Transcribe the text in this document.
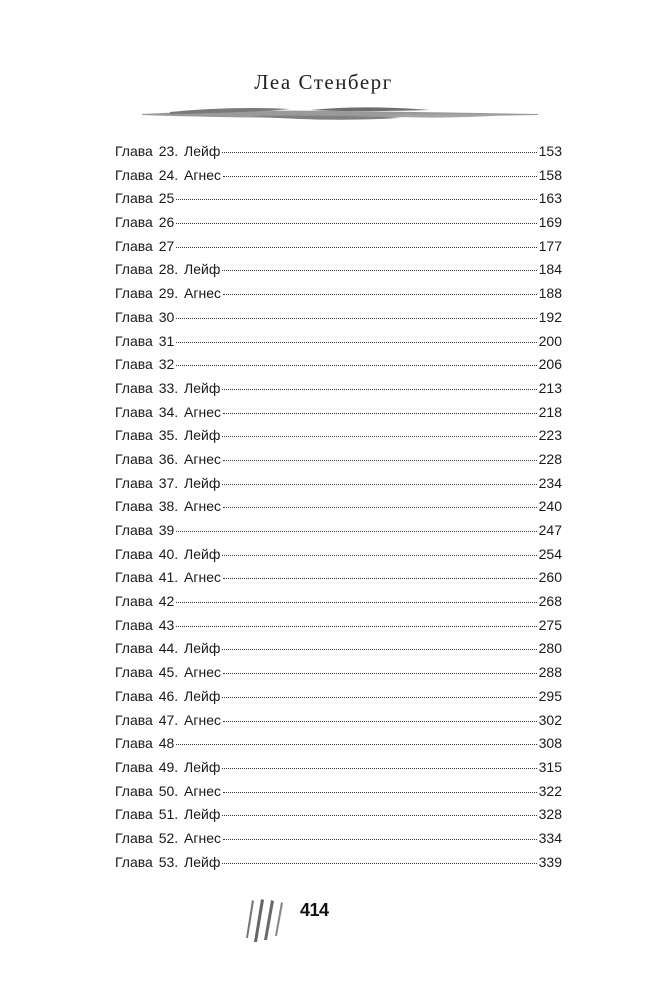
Леа Стенберг
Глава 23. Лейф	153
Глава 24. Агнес	158
Глава 25	163
Глава 26	169
Глава 27	177
Глава 28. Лейф	184
Глава 29. Агнес	188
Глава 30	192
Глава 31	200
Глава 32	206
Глава 33. Лейф	213
Глава 34. Агнес	218
Глава 35. Лейф	223
Глава 36. Агнес	228
Глава 37. Лейф	234
Глава 38. Агнес	240
Глава 39	247
Глава 40. Лейф	254
Глава 41. Агнес	260
Глава 42	268
Глава 43	275
Глава 44. Лейф	280
Глава 45. Агнес	288
Глава 46. Лейф	295
Глава 47. Агнес	302
Глава 48	308
Глава 49. Лейф	315
Глава 50. Агнес	322
Глава 51. Лейф	328
Глава 52. Агнес	334
Глава 53. Лейф	339
414
